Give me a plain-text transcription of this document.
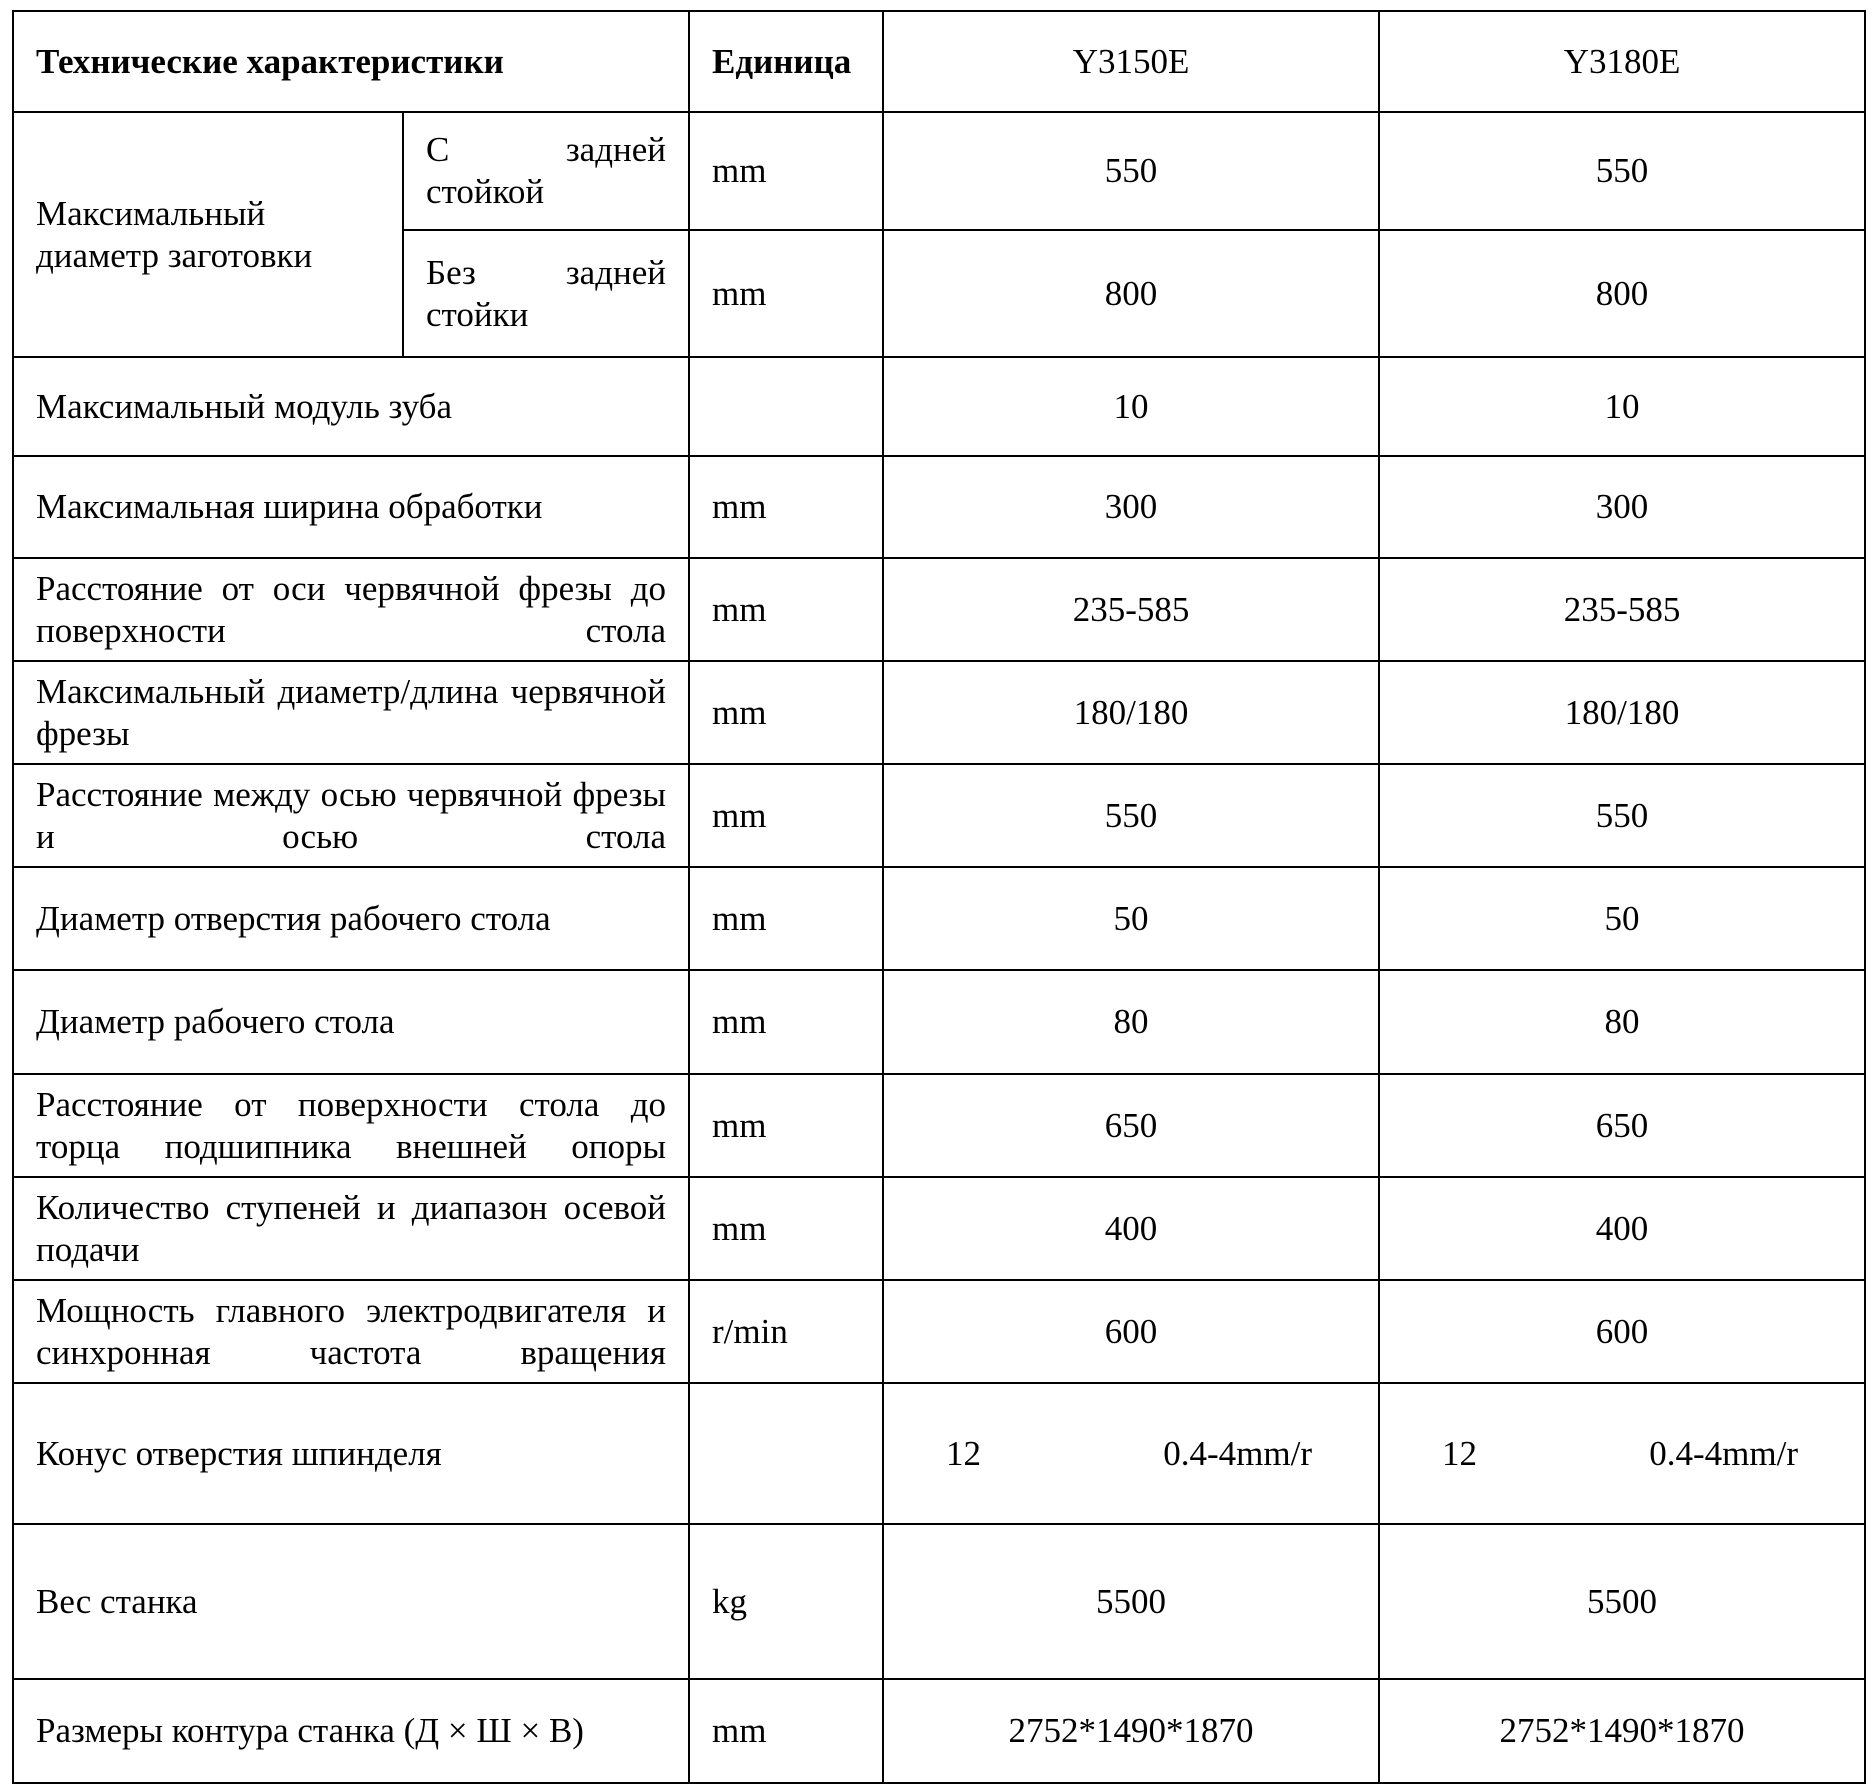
Технические характеристики		Единица	Y3150E	Y3180E
Максимальный диаметр заготовки	С задней стойкой	mm	550	550
	Без задней стойки	mm	800	800
Максимальный модуль зуба			10	10
Максимальная ширина обработки		mm	300	300
Расстояние от оси червячной фрезы до поверхности стола		mm	235-585	235-585
Максимальный диаметр/длина червячной фрезы		mm	180/180	180/180
Расстояние между осью червячной фрезы и осью стола		mm	550	550
Диаметр отверстия рабочего стола		mm	50	50
Диаметр рабочего стола		mm	80	80
Расстояние от поверхности стола до торца подшипника внешней опоры		mm	650	650
Количество ступеней и диапазон осевой подачи		mm	400	400
Мощность главного электродвигателя и синхронная частота вращения		r/min	600	600
Конус отверстия шпинделя			12 0.4-4mm/r	12 0.4-4mm/r

Вес станка		kg	5500	5500
Размеры контура станка (Д × Ш × В)		mm	2752*1490*1870	2752*1490*1870
